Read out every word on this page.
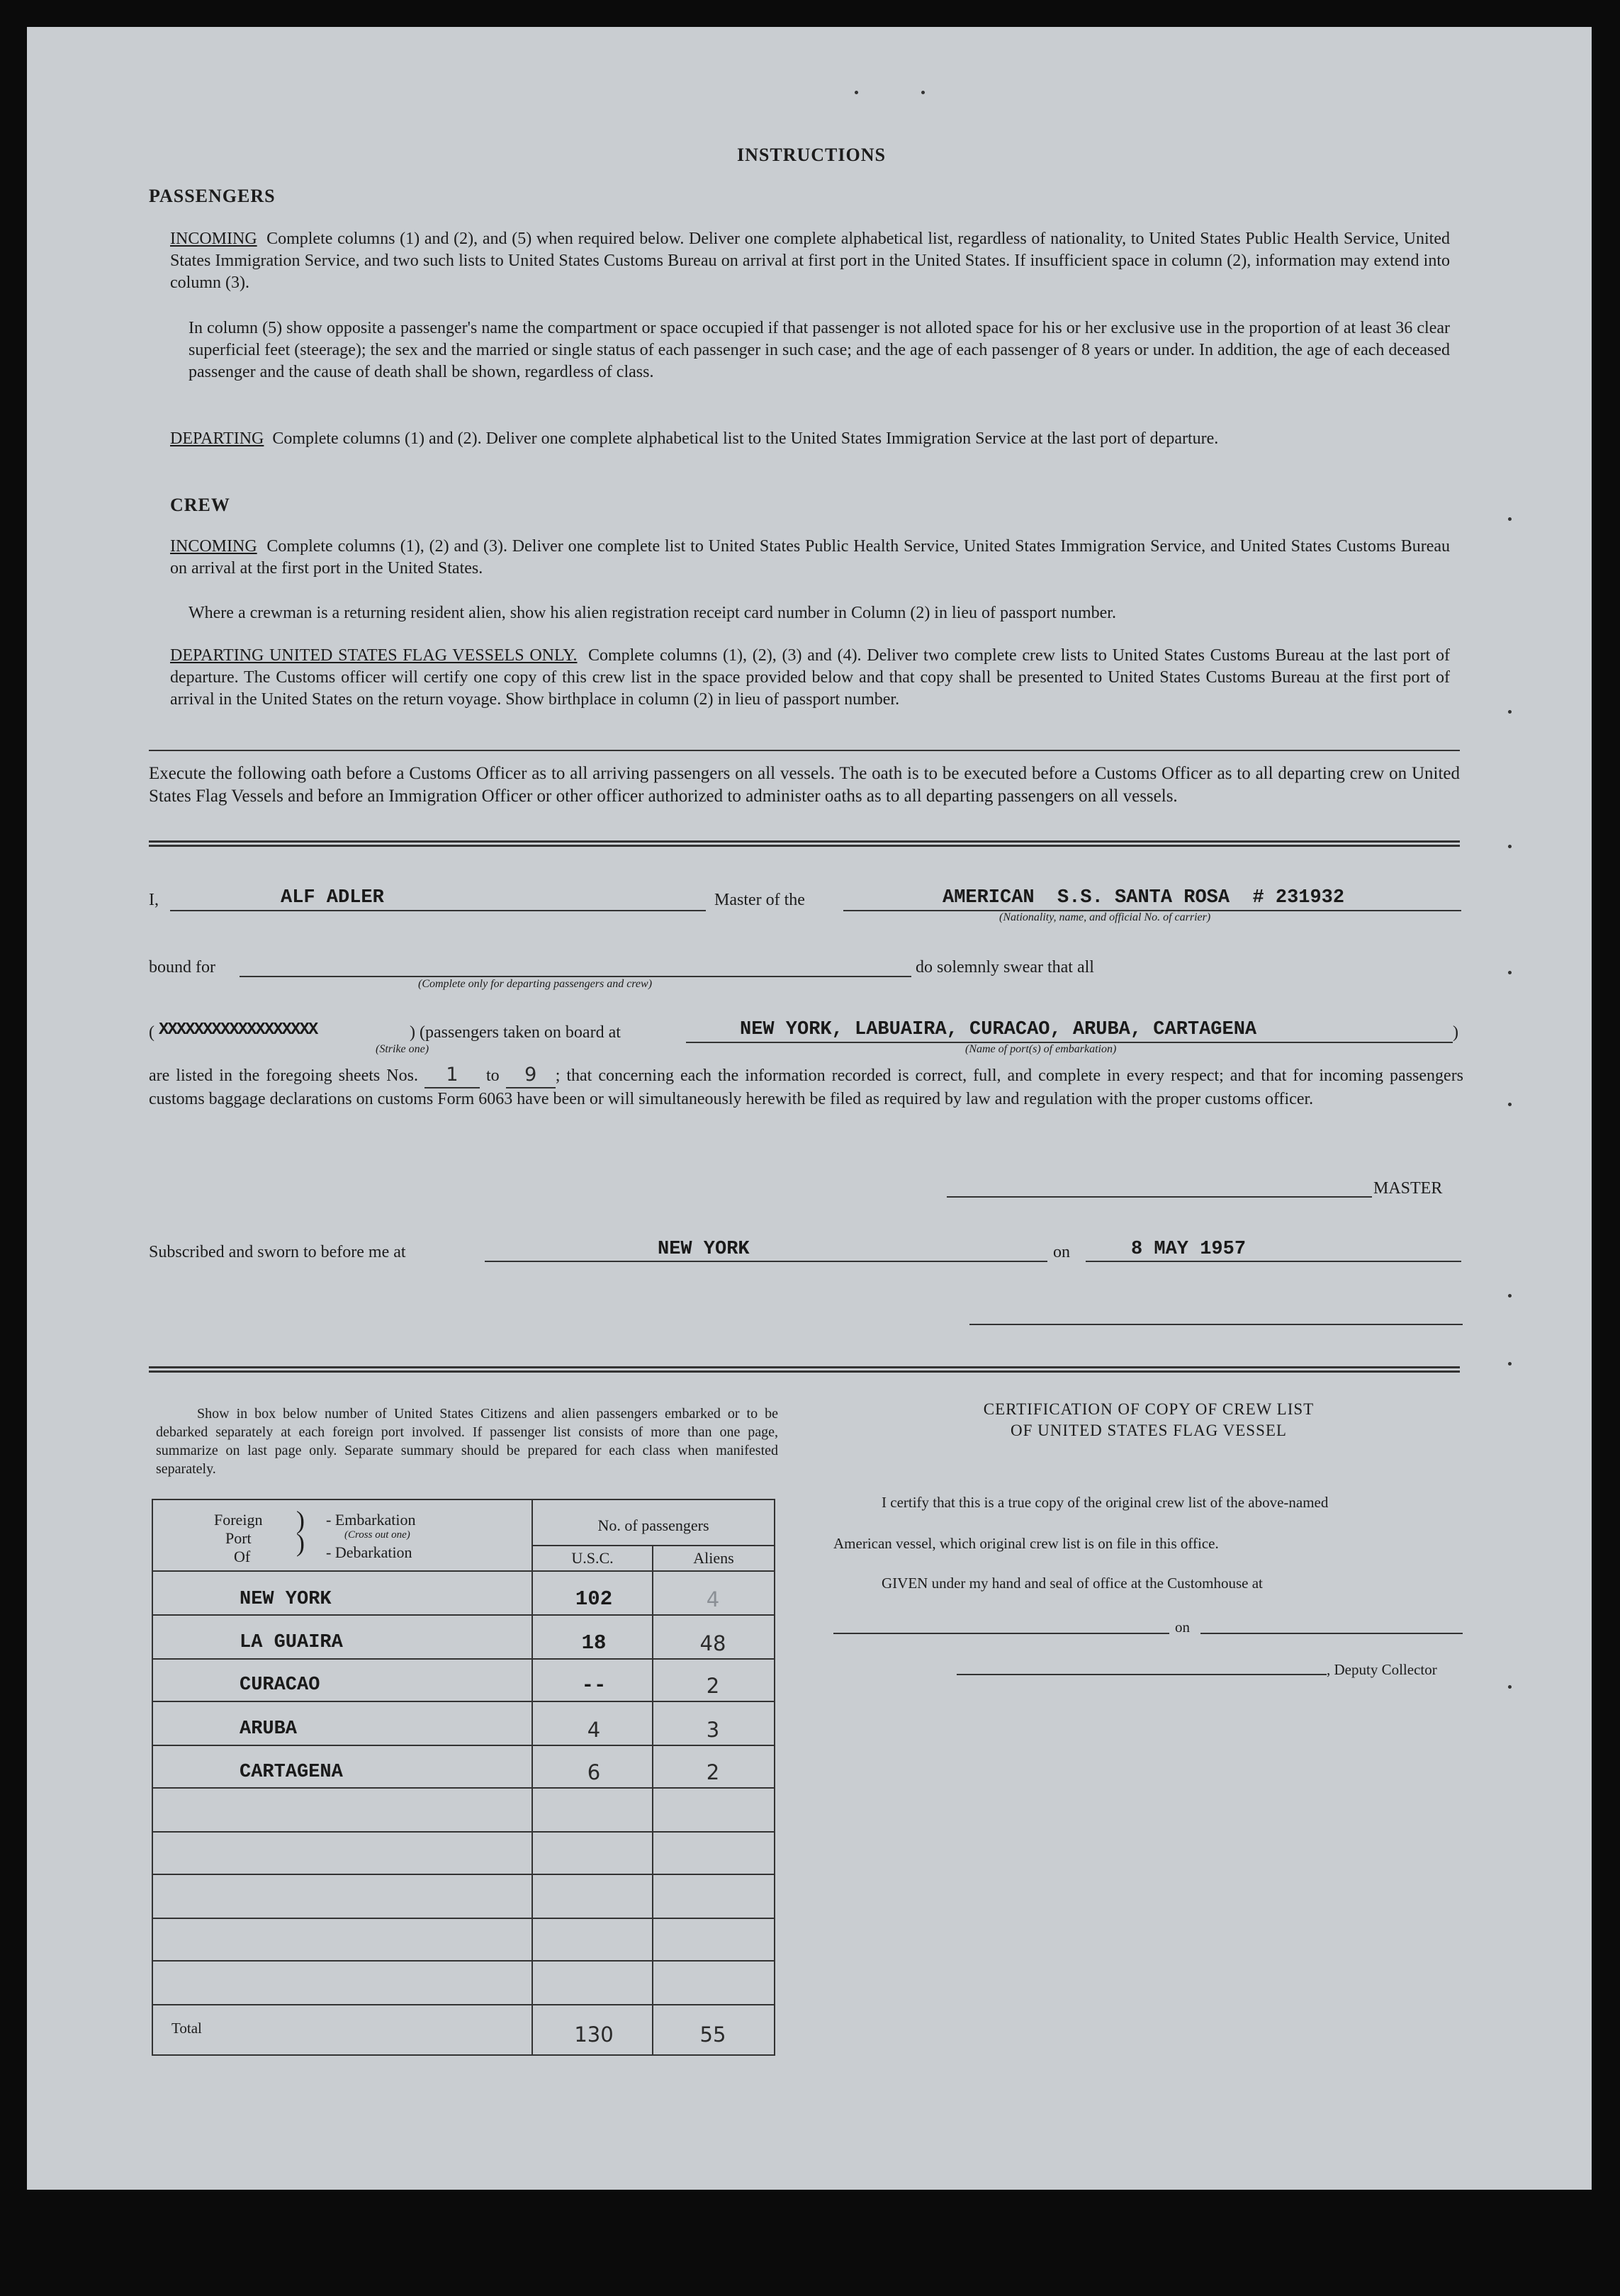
INSTRUCTIONS
PASSENGERS

INCOMING Complete columns (1) and (2), and (5) when required below. Deliver one complete alphabetical list, regardless of nationality, to United States Public Health Service, United States Immigration Service, and two such lists to United States Customs Bureau on arrival at first port in the United States. If insufficient space in column (2), information may extend into column (3).

In column (5) show opposite a passenger's name the compartment or space occupied if that passenger is not alloted space for his or her exclusive use in the proportion of at least 36 clear superficial feet (steerage); the sex and the married or single status of each passenger in such case; and the age of each passenger of 8 years or under. In addition, the age of each deceased passenger and the cause of death shall be shown, regardless of class.

DEPARTING Complete columns (1) and (2). Deliver one complete alphabetical list to the United States Immigration Service at the last port of departure.

CREW

INCOMING Complete columns (1), (2) and (3). Deliver one complete list to United States Public Health Service, United States Immigration Service, and United States Customs Bureau on arrival at the first port in the United States.

Where a crewman is a returning resident alien, show his alien registration receipt card number in Column (2) in lieu of passport number.

DEPARTING UNITED STATES FLAG VESSELS ONLY. Complete columns (1), (2), (3) and (4). Deliver two complete crew lists to United States Customs Bureau at the last port of departure. The Customs officer will certify one copy of this crew list in the space provided below and that copy shall be presented to United States Customs Bureau at the first port of arrival in the United States on the return voyage. Show birthplace in column (2) in lieu of passport number.

Execute the following oath before a Customs Officer as to all arriving passengers on all vessels. The oath is to be executed before a Customs Officer as to all departing crew on United States Flag Vessels and before an Immigration Officer or other officer authorized to administer oaths as to all departing passengers on all vessels.

I,	ALF ADLER	Master of the	AMERICAN  S.S. SANTA ROSA  # 231932
(Nationality, name, and official No. of carrier)
bound for
(Complete only for departing passengers and crew)
do solemnly swear that all
( XXXXXXXXXXXXXXXXXX
(Strike one)
) (passengers taken on board at	NEW YORK, LABUAIRA, CURACAO, ARUBA, CARTAGENA
(Name of port(s) of embarkation)
)

are listed in the foregoing sheets Nos. 1 to 9 ; that concerning each the information recorded is correct, full, and complete in every respect; and that for incoming passengers customs baggage declarations on customs Form 6063 have been or will simultaneously herewith be filed as required by law and regulation with the proper customs officer.

MASTER
Subscribed and sworn to before me at	NEW YORK	on	8 MAY 1957

Show in box below number of United States Citizens and alien passengers embarked or to be debarked separately at each foreign port involved. If passenger list consists of more than one page, summarize on last page only. Separate summary should be prepared for each class when manifested separately.

Foreign
Port
Of
)
)
- Embarkation
(Cross out one)
- Debarkation
No. of passengers
U.S.C.	Aliens
NEW YORK	102	4
LA GUAIRA	18	48
CURACAO	--	2
ARUBA	4	3
CARTAGENA	6	2
Total	130	55
CERTIFICATION OF COPY OF CREW LIST
OF UNITED STATES FLAG VESSEL
I certify that this is a true copy of the original crew list of the above-named
American vessel, which original crew list is on file in this office.
GIVEN under my hand and seal of office at the Customhouse at
on
, Deputy Collector
